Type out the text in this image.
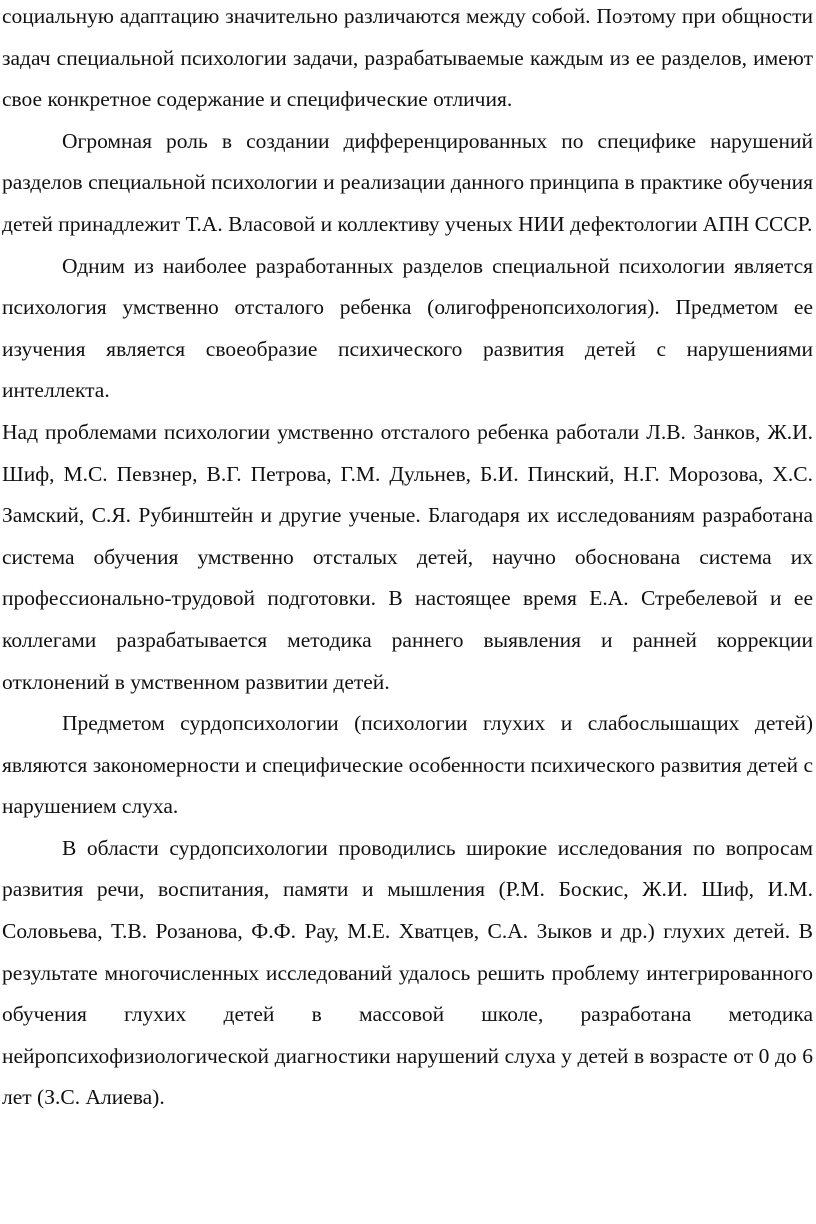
социальную адаптацию значительно различаются между собой. Поэтому при общности задач специальной психологии задачи, разрабатываемые каждым из ее разделов, имеют свое конкретное содержание и специфические отличия.

Огромная роль в создании дифференцированных по специфике нарушений разделов специальной психологии и реализации данного принципа в практике обучения детей принадлежит Т.А. Власовой и коллективу ученых НИИ дефектологии АПН СССР.

Одним из наиболее разработанных разделов специальной психологии является психология умственно отсталого ребенка (олигофренопсихология). Предметом ее изучения является своеобразие психического развития детей с нарушениями интеллекта.

Над проблемами психологии умственно отсталого ребенка работали Л.В. Занков, Ж.И. Шиф, М.С. Певзнер, В.Г. Петрова, Г.М. Дульнев, Б.И. Пинский, Н.Г. Морозова, Х.С. Замский, С.Я. Рубинштейн и другие ученые. Благодаря их исследованиям разработана система обучения умственно отсталых детей, научно обоснована система их профессионально-трудовой подготовки. В настоящее время Е.А. Стребелевой и ее коллегами разрабатывается методика раннего выявления и ранней коррекции отклонений в умственном развитии детей.

Предметом сурдопсихологии (психологии глухих и слабослышащих детей) являются закономерности и специфические особенности психического развития детей с нарушением слуха.

В области сурдопсихологии проводились широкие исследования по вопросам развития речи, воспитания, памяти и мышления (Р.М. Боскис, Ж.И. Шиф, И.М. Соловьева, Т.В. Розанова, Ф.Ф. Рау, М.Е. Хватцев, С.А. Зыков и др.) глухих детей. В результате многочисленных исследований удалось решить проблему интегрированного обучения глухих детей в массовой школе, разработана методика нейропсихофизиологической диагностики нарушений слуха у детей в возрасте от 0 до 6 лет (З.С. Алиева).
